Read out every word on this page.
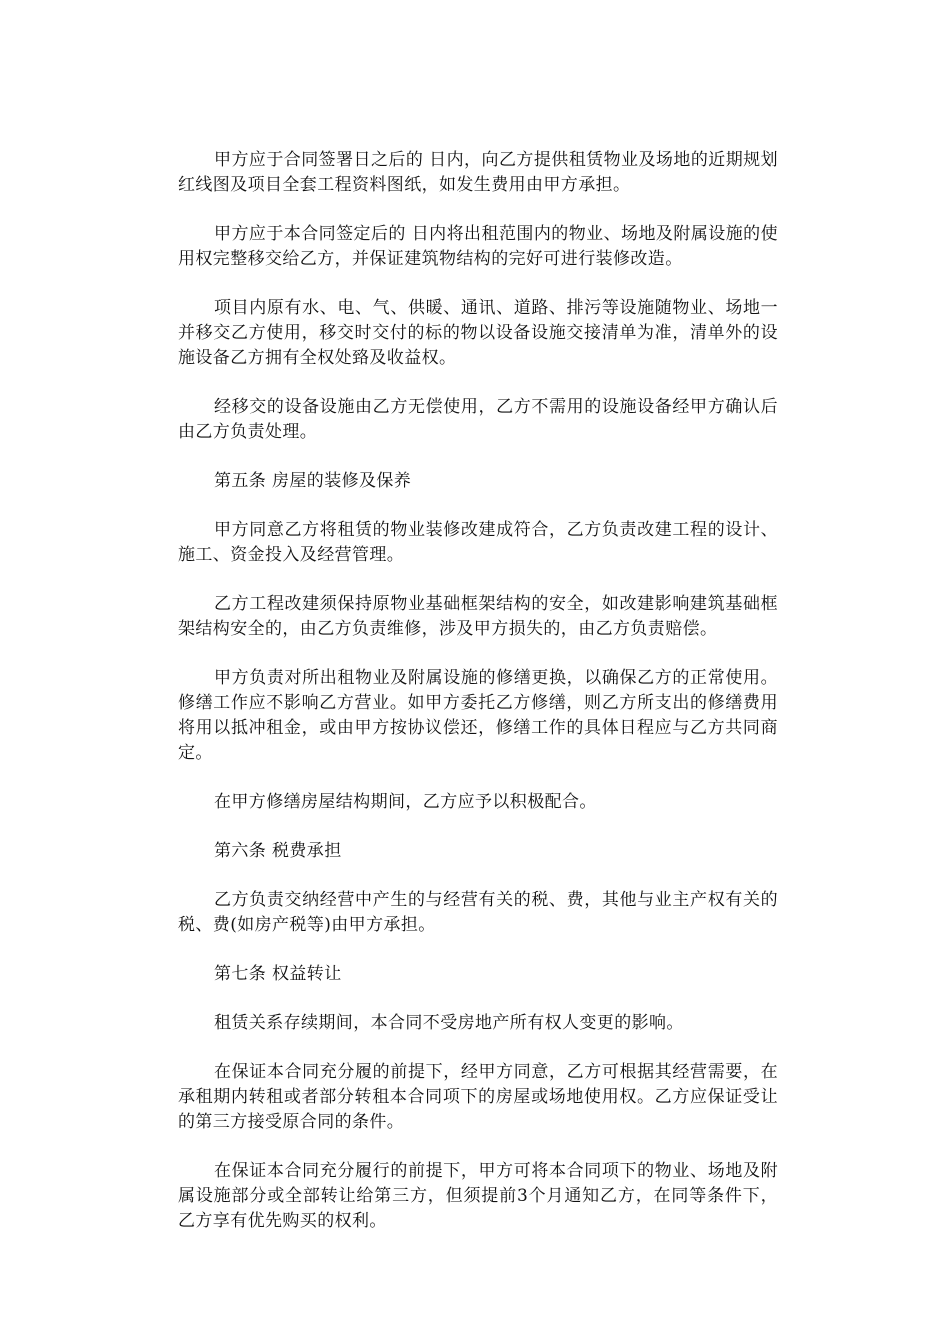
甲方应于合同签署日之后的 日内，向乙方提供租赁物业及场地的近期规划红线图及项目全套工程资料图纸，如发生费用由甲方承担。

甲方应于本合同签定后的 日内将出租范围内的物业、场地及附属设施的使用权完整移交给乙方，并保证建筑物结构的完好可进行装修改造。

项目内原有水、电、气、供暖、通讯、道路、排污等设施随物业、场地一并移交乙方使用，移交时交付的标的物以设备设施交接清单为准，清单外的设施设备乙方拥有全权处臵及收益权。

经移交的设备设施由乙方无偿使用，乙方不需用的设施设备经甲方确认后由乙方负责处理。

第五条 房屋的装修及保养

甲方同意乙方将租赁的物业装修改建成符合，乙方负责改建工程的设计、施工、资金投入及经营管理。

乙方工程改建须保持原物业基础框架结构的安全，如改建影响建筑基础框架结构安全的，由乙方负责维修，涉及甲方损失的，由乙方负责赔偿。

甲方负责对所出租物业及附属设施的修缮更换，以确保乙方的正常使用。修缮工作应不影响乙方营业。如甲方委托乙方修缮，则乙方所支出的修缮费用将用以抵冲租金，或由甲方按协议偿还，修缮工作的具体日程应与乙方共同商定。

在甲方修缮房屋结构期间，乙方应予以积极配合。

第六条 税费承担

乙方负责交纳经营中产生的与经营有关的税、费，其他与业主产权有关的税、费(如房产税等)由甲方承担。

第七条 权益转让

租赁关系存续期间，本合同不受房地产所有权人变更的影响。

在保证本合同充分履的前提下，经甲方同意，乙方可根据其经营需要，在承租期内转租或者部分转租本合同项下的房屋或场地使用权。乙方应保证受让的第三方接受原合同的条件。

在保证本合同充分履行的前提下，甲方可将本合同项下的物业、场地及附属设施部分或全部转让给第三方，但须提前3个月通知乙方，在同等条件下，乙方享有优先购买的权利。
